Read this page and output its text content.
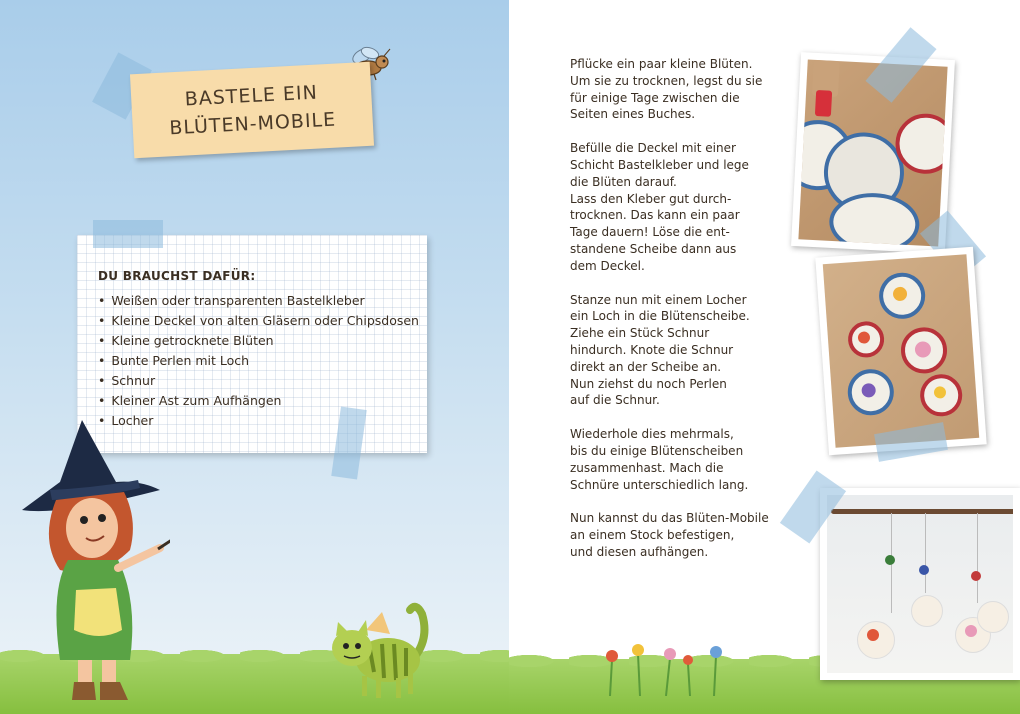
BASTELE EIN
BLÜTEN-MOBILE
DU BRAUCHST DAFÜR:
• Weißen oder transparenten Bastelkleber
• Kleine Deckel von alten Gläsern oder Chipsdosen
• Kleine getrocknete Blüten
• Bunte Perlen mit Loch
• Schnur
• Kleiner Ast zum Aufhängen
• Locher

Pflücke ein paar kleine Blüten.
Um sie zu trocknen, legst du sie
für einige Tage zwischen die
Seiten eines Buches.

Befülle die Deckel mit einer
Schicht Bastelkleber und lege
die Blüten darauf.
Lass den Kleber gut durch-
trocknen. Das kann ein paar
Tage dauern! Löse die ent-
standene Scheibe dann aus
dem Deckel.

Stanze nun mit einem Locher
ein Loch in die Blütenscheibe.
Ziehe ein Stück Schnur
hindurch. Knote die Schnur
direkt an der Scheibe an.
Nun ziehst du noch Perlen
auf die Schnur.

Wiederhole dies mehrmals,
bis du einige Blütenscheiben
zusammenhast. Mach die
Schnüre unterschiedlich lang.

Nun kannst du das Blüten-Mobile
an einem Stock befestigen,
und diesen aufhängen.
